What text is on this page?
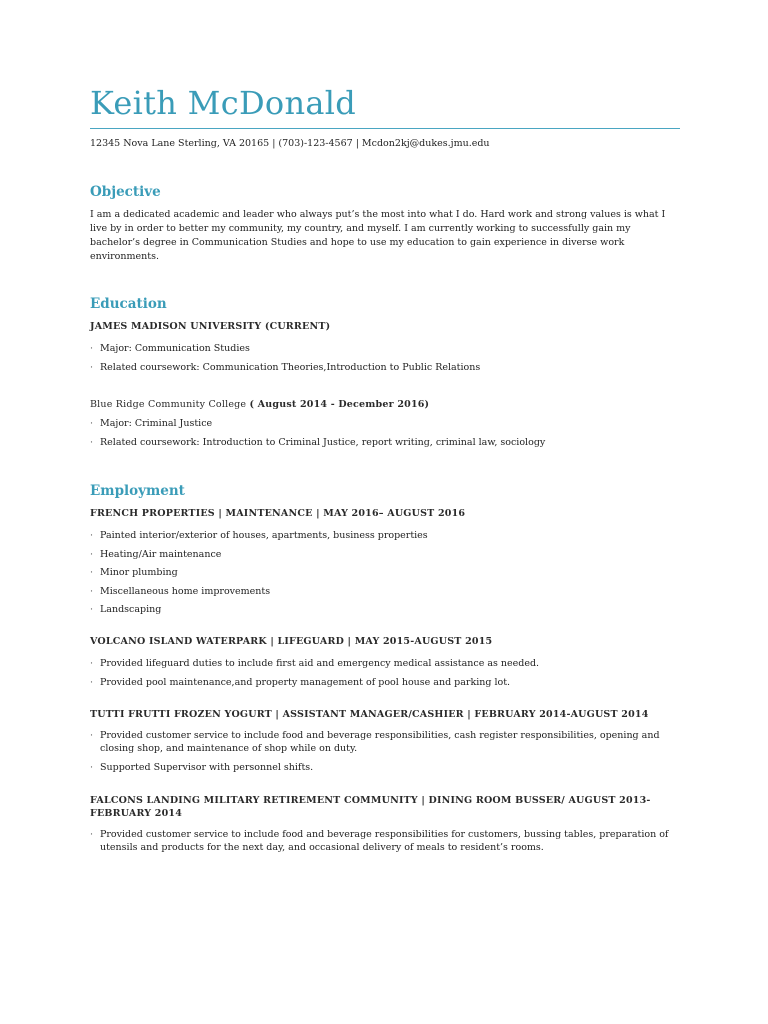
Keith McDonald
12345 Nova Lane Sterling, VA 20165 | (703)-123-4567 | Mcdon2kj@dukes.jmu.edu
Objective
I am a dedicated academic and leader who always put’s the most into what I do. Hard work and strong values is what I live by in order to better my community, my country, and myself. I am currently working to successfully gain my bachelor’s degree in Communication Studies and hope to use my education to gain experience in diverse work environments.
Education
JAMES MADISON UNIVERSITY (CURRENT)
· Major: Communication Studies
· Related coursework: Communication Theories,Introduction to Public Relations
Blue Ridge Community College ( August 2014 - December 2016)
· Major: Criminal Justice
· Related coursework: Introduction to Criminal Justice, report writing, criminal law, sociology
Employment
FRENCH PROPERTIES | MAINTENANCE | MAY 2016– AUGUST 2016
· Painted interior/exterior of houses, apartments, business properties
· Heating/Air maintenance
· Minor plumbing
· Miscellaneous home improvements
· Landscaping
VOLCANO ISLAND WATERPARK | LIFEGUARD | MAY 2015-AUGUST 2015
· Provided lifeguard duties to include first aid and emergency medical assistance as needed.
· Provided pool maintenance,and property management of pool house and parking lot.
TUTTI FRUTTI FROZEN YOGURT | ASSISTANT MANAGER/CASHIER | FEBRUARY 2014-AUGUST 2014
· Provided customer service to include food and beverage responsibilities, cash register responsibilities, opening and closing shop, and maintenance of shop while on duty.
· Supported Supervisor with personnel shifts.
FALCONS LANDING MILITARY RETIREMENT COMMUNITY | DINING ROOM BUSSER/ AUGUST 2013-FEBRUARY 2014
· Provided customer service to include food and beverage responsibilities for customers, bussing tables, preparation of utensils and products for the next day, and occasional delivery of meals to resident’s rooms.
